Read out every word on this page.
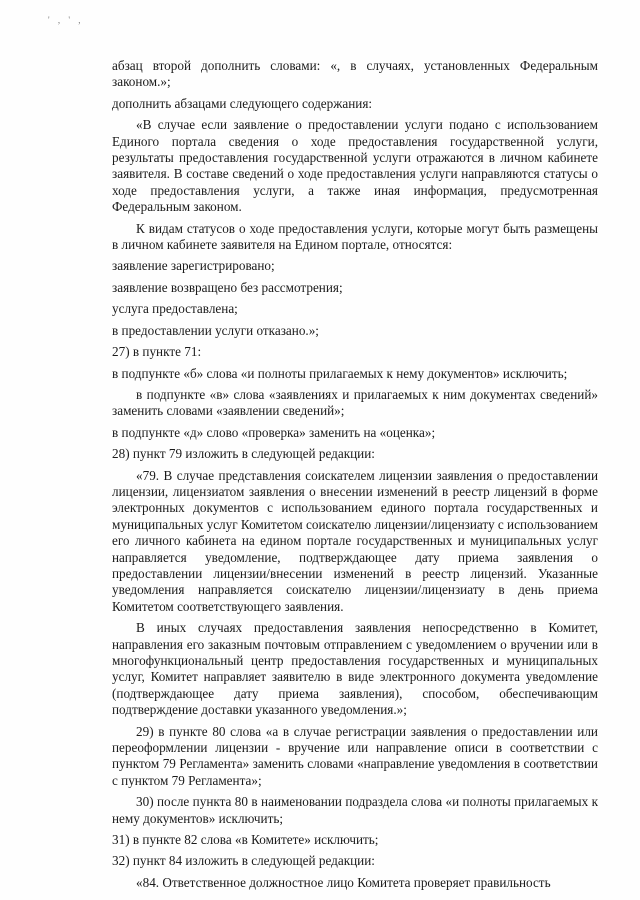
' , ' ,

абзац второй дополнить словами: «, в случаях, установленных Федеральным законом.»;

дополнить абзацами следующего содержания:

«В случае если заявление о предоставлении услуги подано с использованием Единого портала сведения о ходе предоставления государственной услуги, результаты предоставления государственной услуги отражаются в личном кабинете заявителя. В составе сведений о ходе предоставления услуги направляются статусы о ходе предоставления услуги, а также иная информация, предусмотренная Федеральным законом.

К видам статусов о ходе предоставления услуги, которые могут быть размещены в личном кабинете заявителя на Едином портале, относятся:

заявление зарегистрировано;

заявление возвращено без рассмотрения;

услуга предоставлена;

в предоставлении услуги отказано.»;

27) в пункте 71:

в подпункте «б» слова «и полноты прилагаемых к нему документов» исключить;

в подпункте «в» слова «заявлениях и прилагаемых к ним документах сведений» заменить словами «заявлении сведений»;

в подпункте «д» слово «проверка» заменить на «оценка»;

28) пункт 79 изложить в следующей редакции:

«79. В случае представления соискателем лицензии заявления о предоставлении лицензии, лицензиатом заявления о внесении изменений в реестр лицензий в форме электронных документов с использованием единого портала государственных и муниципальных услуг Комитетом соискателю лицензии/лицензиату с использованием его личного кабинета на едином портале государственных и муниципальных услуг направляется уведомление, подтверждающее дату приема заявления о предоставлении лицензии/внесении изменений в реестр лицензий. Указанные уведомления направляется соискателю лицензии/лицензиату в день приема Комитетом соответствующего заявления.

В иных случаях предоставления заявления непосредственно в Комитет, направления его заказным почтовым отправлением с уведомлением о вручении или в многофункциональный центр предоставления государственных и муниципальных услуг, Комитет направляет заявителю в виде электронного документа уведомление (подтверждающее дату приема заявления), способом, обеспечивающим подтверждение доставки указанного уведомления.»;

29) в пункте 80 слова «а в случае регистрации заявления о предоставлении или переоформлении лицензии - вручение или направление описи в соответствии с пунктом 79 Регламента» заменить словами «направление уведомления в соответствии с пунктом 79 Регламента»;

30) после пункта 80 в наименовании подраздела слова «и полноты прилагаемых к нему документов» исключить;

31) в пункте 82 слова «в Комитете» исключить;

32) пункт 84 изложить в следующей редакции:

«84. Ответственное должностное лицо Комитета проверяет правильность
